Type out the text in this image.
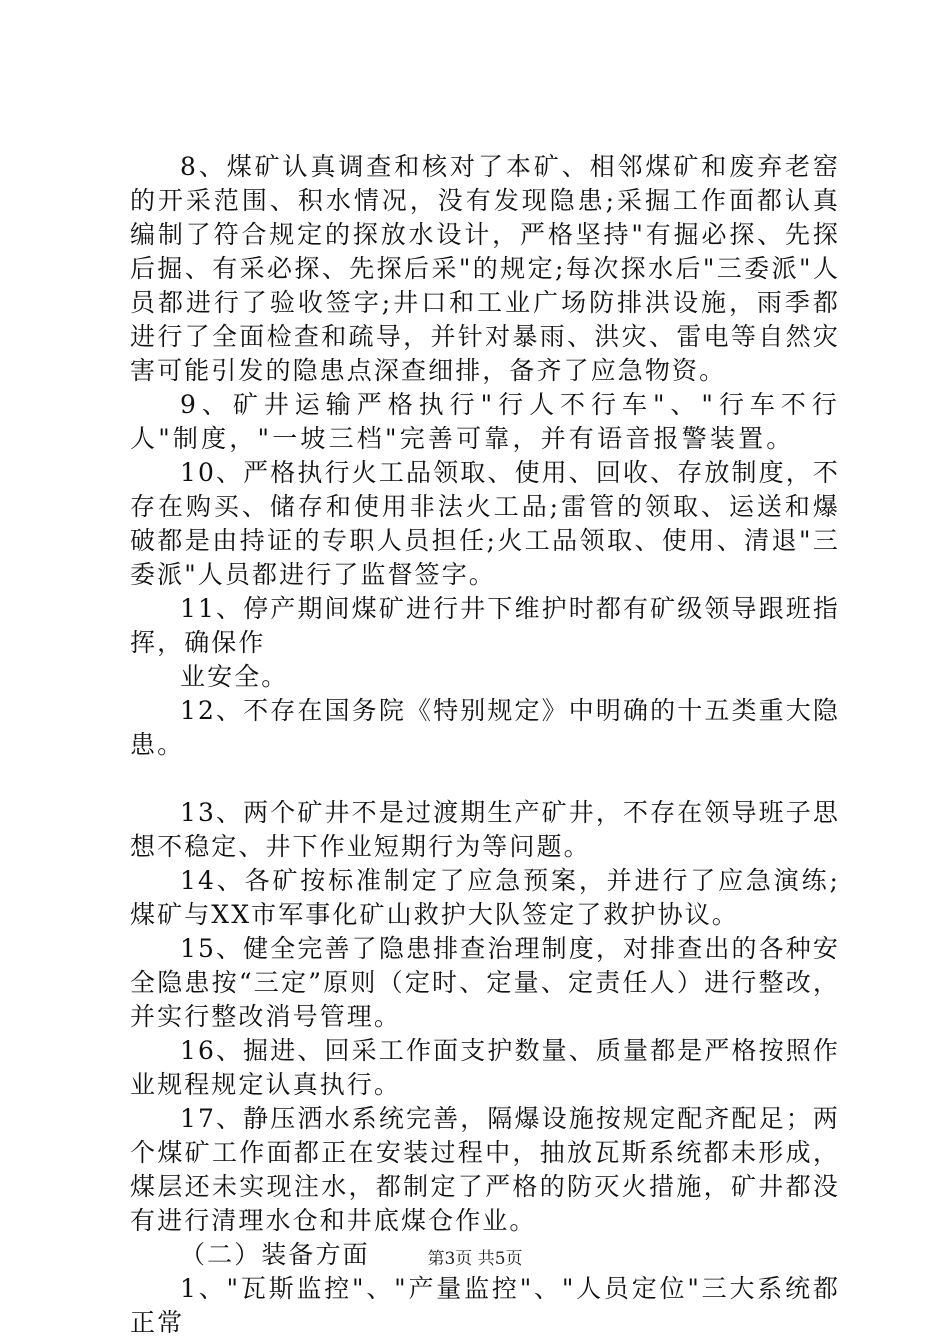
8、煤矿认真调查和核对了本矿、相邻煤矿和废弃老窑的开采范围、积水情况，没有发现隐患;采掘工作面都认真编制了符合规定的探放水设计，严格坚持"有掘必探、先探后掘、有采必探、先探后采"的规定;每次探水后"三委派"人员都进行了验收签字;井口和工业广场防排洪设施，雨季都进行了全面检查和疏导，并针对暴雨、洪灾、雷电等自然灾害可能引发的隐患点深查细排，备齐了应急物资。

9、矿井运输严格执行"行人不行车"、"行车不行人"制度，"一坡三档"完善可靠，并有语音报警装置。

10、严格执行火工品领取、使用、回收、存放制度，不存在购买、储存和使用非法火工品;雷管的领取、运送和爆破都是由持证的专职人员担任;火工品领取、使用、清退"三委派"人员都进行了监督签字。

11、停产期间煤矿进行井下维护时都有矿级领导跟班指挥，确保作

业安全。

12、不存在国务院《特别规定》中明确的十五类重大隐患。

13、两个矿井不是过渡期生产矿井，不存在领导班子思想不稳定、井下作业短期行为等问题。

14、各矿按标准制定了应急预案，并进行了应急演练;煤矿与XX市军事化矿山救护大队签定了救护协议。

15、健全完善了隐患排查治理制度，对排查出的各种安全隐患按“三定”原则（定时、定量、定责任人）进行整改，并实行整改消号管理。

16、掘进、回采工作面支护数量、质量都是严格按照作业规程规定认真执行。

17、静压洒水系统完善，隔爆设施按规定配齐配足；两个煤矿工作面都正在安装过程中，抽放瓦斯系统都未形成，煤层还未实现注水，都制定了严格的防灭火措施，矿井都没有进行清理水仓和井底煤仓作业。

（二）装备方面

1、"瓦斯监控"、"产量监控"、"人员定位"三大系统都正常

第3页 共5页
